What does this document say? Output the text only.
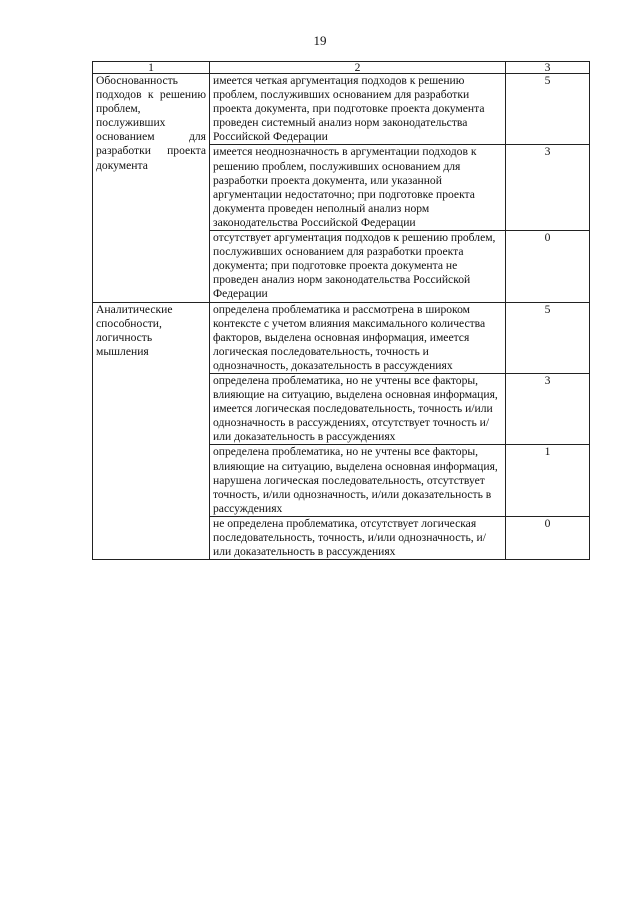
19
1	2	3
Обоснованность подходов к решению проблем, послуживших основанием для разработки проекта документа	имеется четкая аргументация подходов к решению проблем, послуживших основанием для разработки проекта документа, при подготовке проекта документа проведен системный анализ норм законодательства Российской Федерации	5
	имеется неоднозначность в аргументации подходов к решению проблем, послуживших основанием для разработки проекта документа, или указанной аргументации недостаточно; при подготовке проекта документа проведен неполный анализ норм законодательства Российской Федерации	3
	отсутствует аргументация подходов к решению проблем, послуживших основанием для разработки проекта документа; при подготовке проекта документа не проведен анализ норм законодательства Российской Федерации	0
Аналитические способности, логичность мышления	определена проблематика и рассмотрена в широком контексте с учетом влияния максимального количества факторов, выделена основная информация, имеется логическая последовательность, точность и однозначность, доказательность в рассуждениях	5
	определена проблематика, но не учтены все факторы, влияющие на ситуацию, выделена основная информация, имеется логическая последовательность, точность и/или однозначность в рассуждениях, отсутствует точность и/или доказательность в рассуждениях	3
	определена проблематика, но не учтены все факторы, влияющие на ситуацию, выделена основная информация, нарушена логическая последовательность, отсутствует точность, и/или однозначность, и/или доказательность в рассуждениях	1
	не определена проблематика, отсутствует логическая последовательность, точность, и/или однозначность, и/или доказательность в рассуждениях	0
